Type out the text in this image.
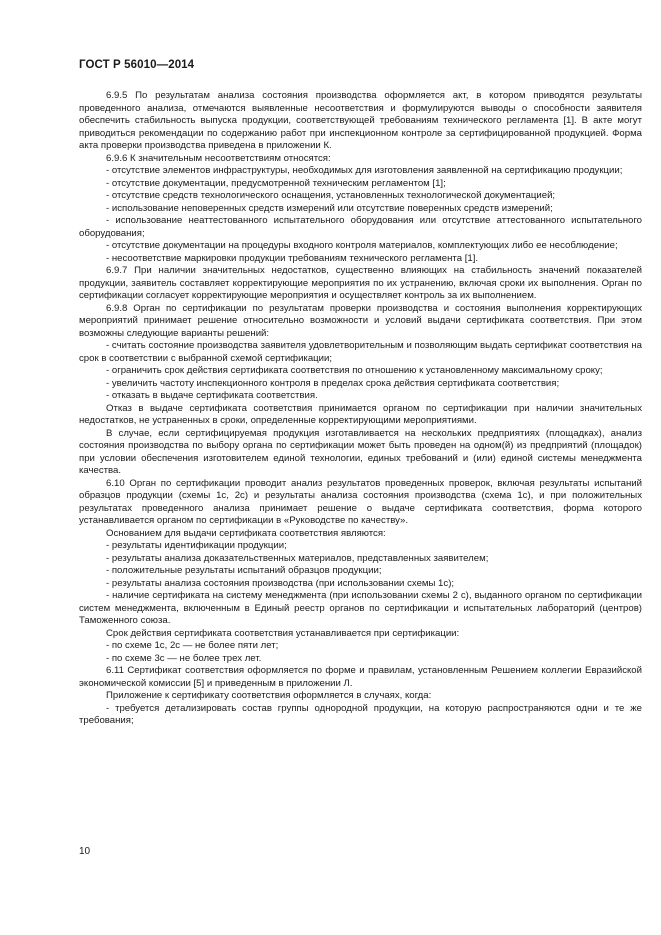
ГОСТ Р 56010—2014

6.9.5 По результатам анализа состояния производства оформляется акт, в котором приводятся результаты проведенного анализа, отмечаются выявленные несоответствия и формулируются выводы о способности заявителя обеспечить стабильность выпуска продукции, соответствующей требованиям технического регламента [1]. В акте могут приводиться рекомендации по содержанию работ при инспекционном контроле за сертифицированной продукцией. Форма акта проверки производства приведена в приложении К.

6.9.6 К значительным несоответствиям относятся:

- отсутствие элементов инфраструктуры, необходимых для изготовления заявленной на сертификацию продукции;

- отсутствие документации, предусмотренной техническим регламентом [1];

- отсутствие средств технологического оснащения, установленных технологической документацией;

- использование неповеренных средств измерений или отсутствие поверенных средств измерений;

- использование неаттестованного испытательного оборудования или отсутствие аттестованного испытательного оборудования;

- отсутствие документации на процедуры входного контроля материалов, комплектующих либо ее несоблюдение;

- несоответствие маркировки продукции требованиям технического регламента [1].

6.9.7 При наличии значительных недостатков, существенно влияющих на стабильность значений показателей продукции, заявитель составляет корректирующие мероприятия по их устранению, включая сроки их выполнения. Орган по сертификации согласует корректирующие мероприятия и осуществляет контроль за их выполнением.

6.9.8 Орган по сертификации по результатам проверки производства и состояния выполнения корректирующих мероприятий принимает решение относительно возможности и условий выдачи сертификата соответствия. При этом возможны следующие варианты решений:

- считать состояние производства заявителя удовлетворительным и позволяющим выдать сертификат соответствия на срок в соответствии с выбранной схемой сертификации;

- ограничить срок действия сертификата соответствия по отношению к установленному максимальному сроку;

- увеличить частоту инспекционного контроля в пределах срока действия сертификата соответствия;

- отказать в выдаче сертификата соответствия.

Отказ в выдаче сертификата соответствия принимается органом по сертификации при наличии значительных недостатков, не устраненных в сроки, определенные корректирующими мероприятиями.

В случае, если сертифицируемая продукция изготавливается на нескольких предприятиях (площадках), анализ состояния производства по выбору органа по сертификации может быть проведен на одном(й) из предприятий (площадок) при условии обеспечения изготовителем единой технологии, единых требований и (или) единой системы менеджмента качества.

6.10 Орган по сертификации проводит анализ результатов проведенных проверок, включая результаты испытаний образцов продукции (схемы 1с, 2с) и результаты анализа состояния производства (схема 1с), и при положительных результатах проведенного анализа принимает решение о выдаче сертификата соответствия, форма которого устанавливается органом по сертификации в «Руководстве по качеству».

Основанием для выдачи сертификата соответствия являются:

- результаты идентификации продукции;

- результаты анализа доказательственных материалов, представленных заявителем;

- положительные результаты испытаний образцов продукции;

- результаты анализа состояния производства (при использовании схемы 1с);

- наличие сертификата на систему менеджмента (при использовании схемы 2 с), выданного органом по сертификации систем менеджмента, включенным в Единый реестр органов по сертификации и испытательных лабораторий (центров) Таможенного союза.

Срок действия сертификата соответствия устанавливается при сертификации:

- по схеме 1с, 2с — не более пяти лет;

- по схеме 3с — не более трех лет.

6.11 Сертификат соответствия оформляется по форме и правилам, установленным Решением коллегии Евразийской экономической комиссии [5] и приведенным в приложении Л.

Приложение к сертификату соответствия оформляется в случаях, когда:

- требуется детализировать состав группы однородной продукции, на которую распространяются одни и те же требования;

10
